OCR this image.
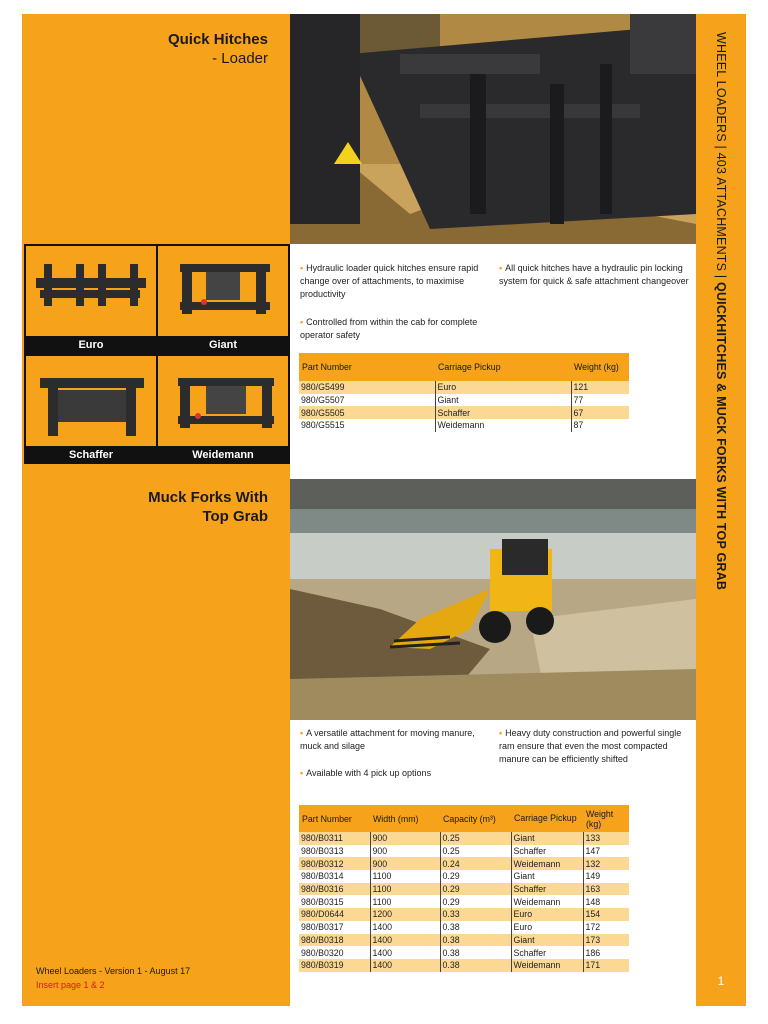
Quick Hitches
- Loader
Euro	Giant
Schaffer	Weidemann
• Hydraulic loader quick hitches ensure rapid change over of attachments, to maximise productivity
• All quick hitches have a hydraulic pin locking system for quick & safe attachment changeover
• Controlled from within the cab for complete operator safety
Part Number	Carriage Pickup	Weight (kg)
980/G5499	Euro	121
980/G5507	Giant	77
980/G5505	Schaffer	67
980/G5515	Weidemann	87
Muck Forks With
Top Grab
• A versatile attachment for moving manure, muck and silage
• Heavy duty construction and powerful single ram ensure that even the most compacted manure can be efficiently shifted
• Available with 4 pick up options
Part Number	Width (mm)	Capacity (m³)	Carriage Pickup	Weight (kg)
980/B0311	900	0.25	Giant	133
980/B0313	900	0.25	Schaffer	147
980/B0312	900	0.24	Weidemann	132
980/B0314	1100	0.29	Giant	149
980/B0316	1100	0.29	Schaffer	163
980/B0315	1100	0.29	Weidemann	148
980/D0644	1200	0.33	Euro	154
980/B0317	1400	0.38	Euro	172
980/B0318	1400	0.38	Giant	173
980/B0320	1400	0.38	Schaffer	186
980/B0319	1400	0.38	Weidemann	171
Wheel Loaders - Version 1 - August 17
Insert page 1 & 2
WHEEL LOADERS | 403 ATTACHMENTS | QUICKHITCHES & MUCK FORKS WITH TOP GRAB
1
